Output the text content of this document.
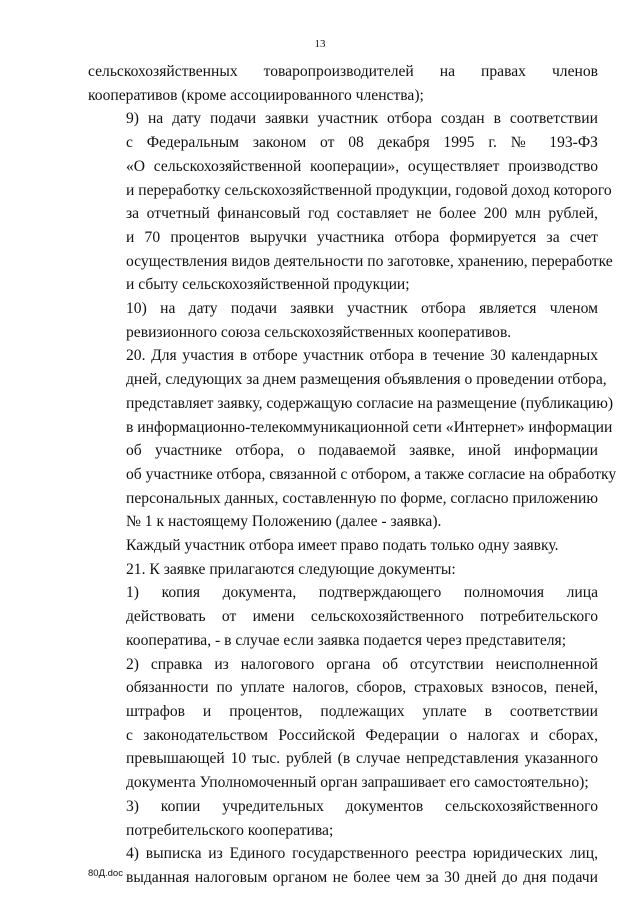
13

сельскохозяйственных товаропроизводителей на правах членов
кооперативов (кроме ассоциированного членства);

9) на дату подачи заявки участник отбора создан в соответствии
с Федеральным законом от 08 декабря 1995 г. № 193-ФЗ
«О сельскохозяйственной кооперации», осуществляет производство
и переработку сельскохозяйственной продукции, годовой доход которого
за отчетный финансовый год составляет не более 200 млн рублей,
и 70 процентов выручки участника отбора формируется за счет
осуществления видов деятельности по заготовке, хранению, переработке
и сбыту сельскохозяйственной продукции;

10) на дату подачи заявки участник отбора является членом
ревизионного союза сельскохозяйственных кооперативов.

20. Для участия в отборе участник отбора в течение 30 календарных
дней, следующих за днем размещения объявления о проведении отбора,
представляет заявку, содержащую согласие на размещение (публикацию)
в информационно-телекоммуникационной сети «Интернет» информации
об участнике отбора, о подаваемой заявке, иной информации
об участнике отбора, связанной с отбором, а также согласие на обработку
персональных данных, составленную по форме, согласно приложению
№ 1 к настоящему Положению (далее - заявка).

Каждый участник отбора имеет право подать только одну заявку.

21. К заявке прилагаются следующие документы:

1) копия документа, подтверждающего полномочия лица
действовать от имени сельскохозяйственного потребительского
кооператива, - в случае если заявка подается через представителя;

2) справка из налогового органа об отсутствии неисполненной
обязанности по уплате налогов, сборов, страховых взносов, пеней,
штрафов и процентов, подлежащих уплате в соответствии
с законодательством Российской Федерации о налогах и сборах,
превышающей 10 тыс. рублей (в случае непредставления указанного
документа Уполномоченный орган запрашивает его самостоятельно);

3) копии учредительных документов сельскохозяйственного
потребительского кооператива;

4) выписка из Единого государственного реестра юридических лиц,
выданная налоговым органом не более чем за 30 дней до дня подачи

80Д.doc
